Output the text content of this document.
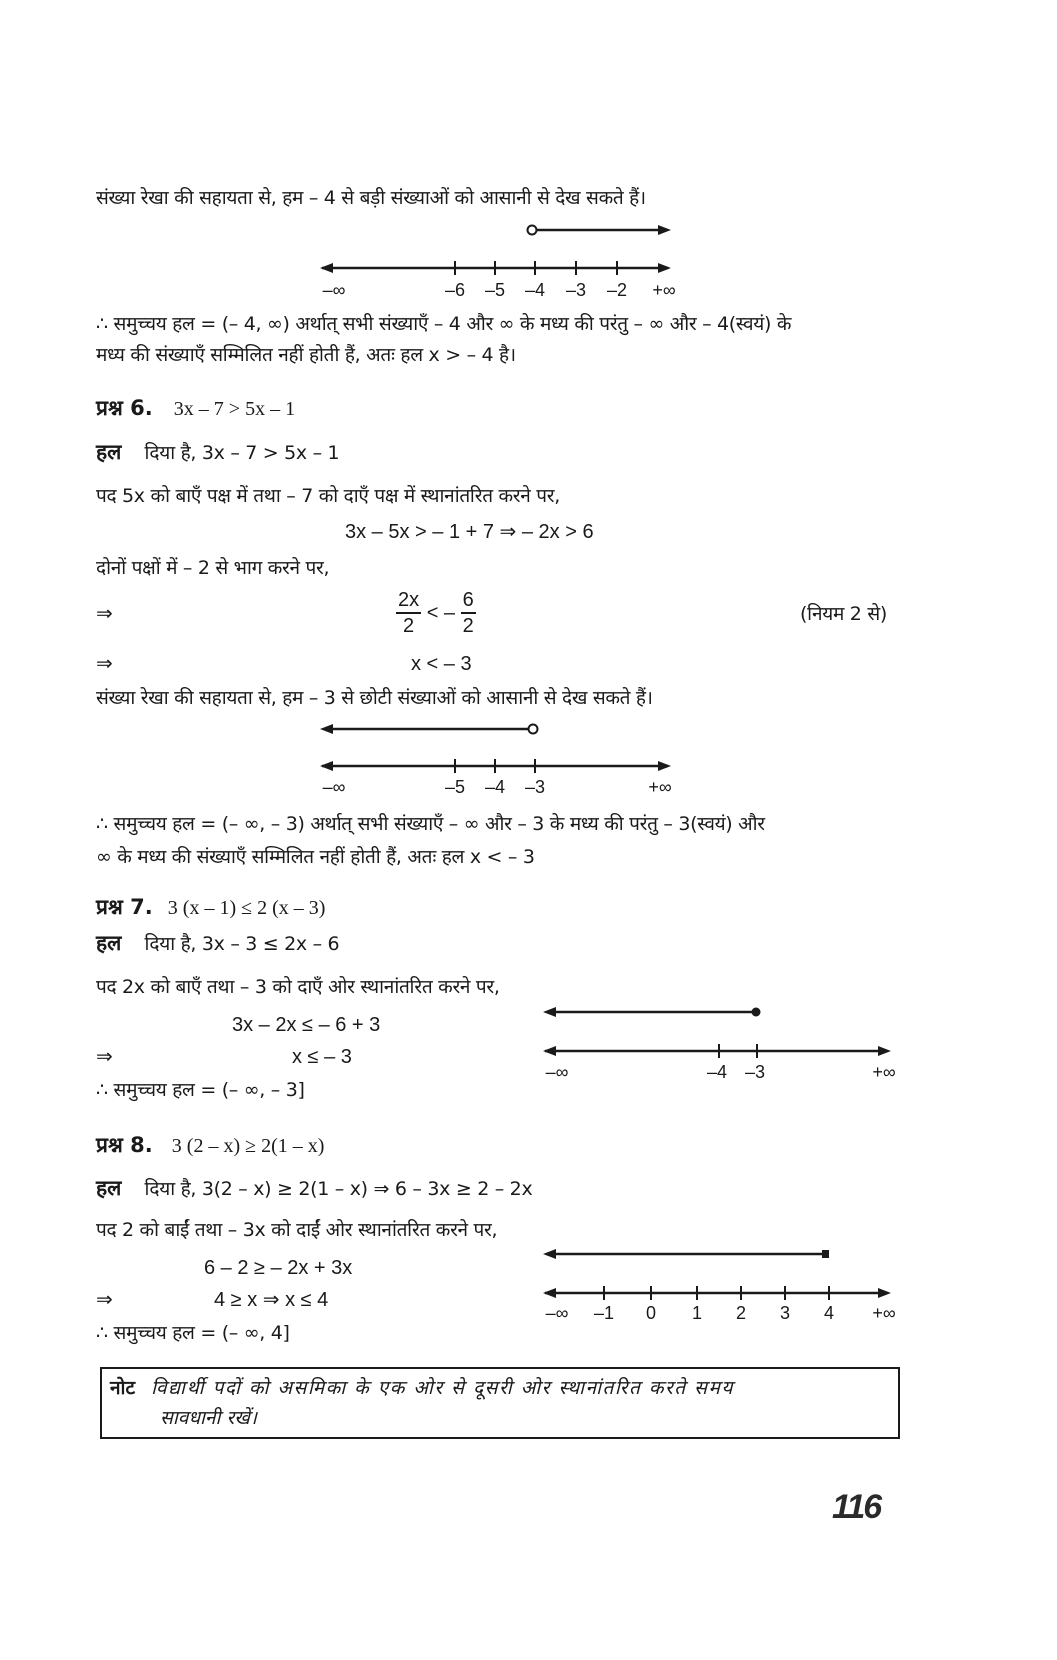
संख्या रेखा की सहायता से, हम – 4 से बड़ी संख्याओं को आसानी से देख सकते हैं।
–∞	–6 –5 –4 –3 –2 +∞
∴ समुच्चय हल = (– 4, ∞) अर्थात् सभी संख्याएँ – 4 और ∞ के मध्य की परंतु – ∞ और – 4(स्वयं) के
मध्य की संख्याएँ सम्मिलित नहीं होती हैं, अतः हल x > – 4 है।
प्रश्न 6. 3x – 7 > 5x – 1
हल दिया है, 3x – 7 > 5x – 1
पद 5x को बाएँ पक्ष में तथा – 7 को दाएँ पक्ष में स्थानांतरित करने पर,
3x – 5x > – 1 + 7 ⇒ – 2x > 6
दोनों पक्षों में – 2 से भाग करने पर,
⇒	$\frac{2x}{2}$ < – $\frac{6}{2}$	(नियम 2 से)
⇒	x < – 3
संख्या रेखा की सहायता से, हम – 3 से छोटी संख्याओं को आसानी से देख सकते हैं।
–∞	–5 –4 –3	+∞
∴ समुच्चय हल = (– ∞, – 3) अर्थात् सभी संख्याएँ – ∞ और – 3 के मध्य की परंतु – 3(स्वयं) और
∞ के मध्य की संख्याएँ सम्मिलित नहीं होती हैं, अतः हल x < – 3
प्रश्न 7. 3 (x – 1) ≤ 2 (x – 3)
हल दिया है, 3x – 3 ≤ 2x – 6
पद 2x को बाएँ तथा – 3 को दाएँ ओर स्थानांतरित करने पर,
3x – 2x ≤ – 6 + 3
⇒	x ≤ – 3
∴ समुच्चय हल = (– ∞, – 3]
–∞	–4 –3	+∞
प्रश्न 8. 3 (2 – x) ≥ 2(1 – x)
हल दिया है, 3(2 – x) ≥ 2(1 – x) ⇒ 6 – 3x ≥ 2 – 2x
पद 2 को बाईं तथा – 3x को दाईं ओर स्थानांतरित करने पर,
6 – 2 ≥ – 2x + 3x
⇒	4 ≥ x ⇒ x ≤ 4
∴ समुच्चय हल = (– ∞, 4]
–∞ –1 0 1 2 3 4 +∞
नोट विद्यार्थी पदों को असमिका के एक ओर से दूसरी ओर स्थानांतरित करते समय
सावधानी रखें।
116
